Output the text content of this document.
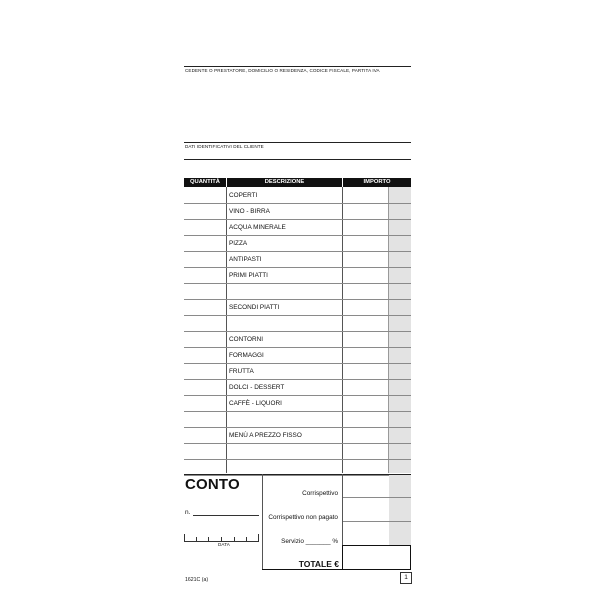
CEDENTE O PRESTATORE, DOMICILIO O RESIDENZA, CODICE FISCALE, PARTITA IVA
DATI IDENTIFICATIVI DEL CLIENTE
QUANTITÀ	DESCRIZIONE	IMPORTO
COPERTI
VINO - BIRRA
ACQUA MINERALE
PIZZA
ANTIPASTI
PRIMI PIATTI
SECONDI PIATTI
CONTORNI
FORMAGGI
FRUTTA
DOLCI - DESSERT
CAFFÈ - LIQUORI
MENÙ A PREZZO FISSO
CONTO
n.
DATA
Corrispettivo
Corrispettivo non pagato
Servizio _______ %
TOTALE €
1621C (a)	1
